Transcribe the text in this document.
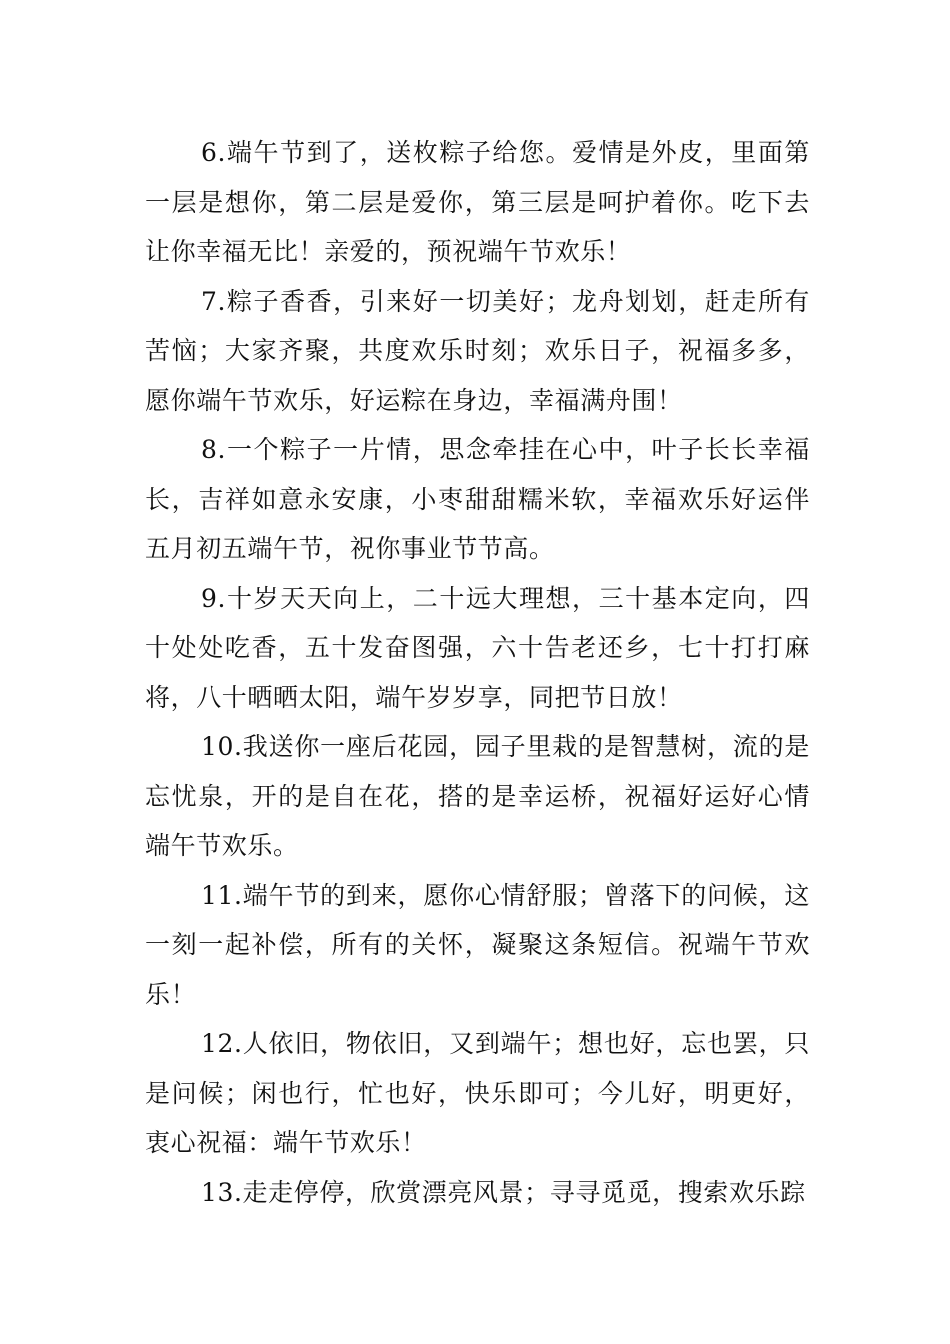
6.端午节到了，送枚粽子给您。爱情是外皮，里面第一层是想你，第二层是爱你，第三层是呵护着你。吃下去让你幸福无比！亲爱的，预祝端午节欢乐！

7.粽子香香，引来好一切美好；龙舟划划，赶走所有苦恼；大家齐聚，共度欢乐时刻；欢乐日子，祝福多多，愿你端午节欢乐，好运粽在身边，幸福满舟围！

8.一个粽子一片情，思念牵挂在心中，叶子长长幸福长，吉祥如意永安康，小枣甜甜糯米软，幸福欢乐好运伴五月初五端午节，祝你事业节节高。

9.十岁天天向上，二十远大理想，三十基本定向，四十处处吃香，五十发奋图强，六十告老还乡，七十打打麻将，八十晒晒太阳，端午岁岁享，同把节日放！

10.我送你一座后花园，园子里栽的是智慧树，流的是忘忧泉，开的是自在花，搭的是幸运桥，祝福好运好心情端午节欢乐。

11.端午节的到来，愿你心情舒服；曾落下的问候，这一刻一起补偿，所有的关怀，凝聚这条短信。祝端午节欢乐！

12.人依旧，物依旧，又到端午；想也好，忘也罢，只是问候；闲也行，忙也好，快乐即可；今儿好，明更好，衷心祝福：端午节欢乐！

13.走走停停，欣赏漂亮风景；寻寻觅觅，搜索欢乐踪
